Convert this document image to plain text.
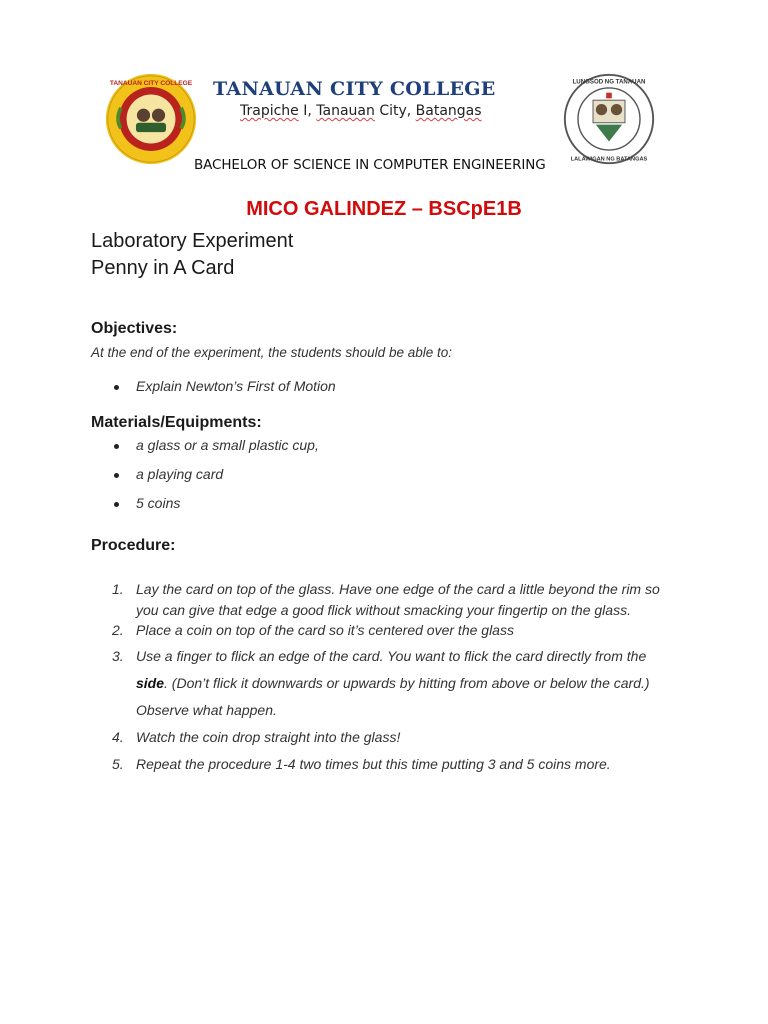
TANAUAN CITY COLLEGE	LUNGSOD NG TANAUAN
LALAWIGAN NG BATANGAS
TANAUAN CITY COLLEGE
Trapiche I, Tanauan City, Batangas
BACHELOR OF SCIENCE IN COMPUTER ENGINEERING
MICO GALINDEZ – BSCpE1B
Laboratory Experiment
Penny in A Card
Objectives:
At the end of the experiment, the students should be able to:
Explain Newton’s First of Motion
Materials/Equipments:
a glass or a small plastic cup,
a playing card
5 coins
Procedure:
1. Lay the card on top of the glass. Have one edge of the card a little beyond the rim so you can give that edge a good flick without smacking your fingertip on the glass.
2. Place a coin on top of the card so it’s centered over the glass
3. Use a finger to flick an edge of the card. You want to flick the card directly from the side. (Don’t flick it downwards or upwards by hitting from above or below the card.) Observe what happen.
4. Watch the coin drop straight into the glass!
5. Repeat the procedure 1-4 two times but this time putting 3 and 5 coins more.
